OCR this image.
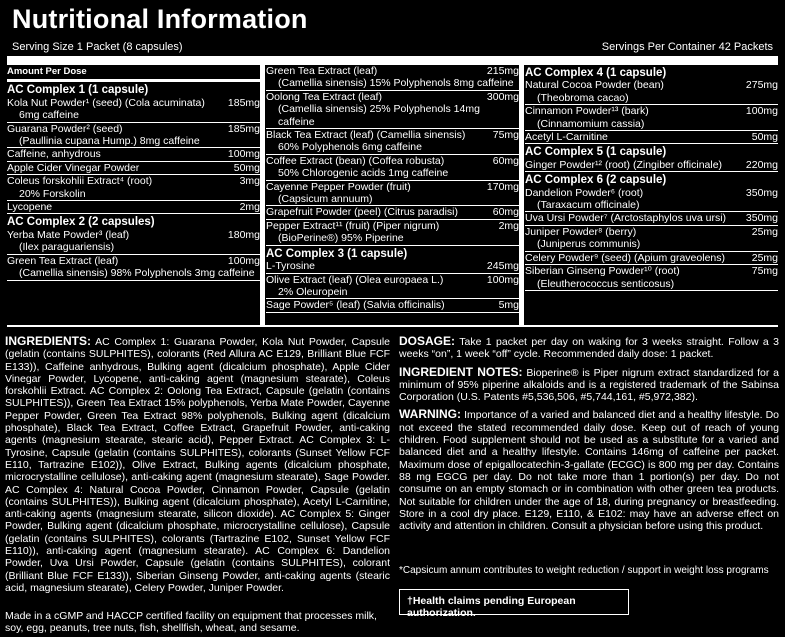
Nutritional Information
Serving Size 1 Packet (8 capsules)	Servings Per Container 42 Packets
Amount Per Dose
AC Complex 1 (1 capsule)
Kola Nut Powder¹ (seed) (Cola acuminata)	185mg
6mg caffeine
Guarana Powder² (seed)	185mg
(Paullinia cupana Hump.) 8mg caffeine
Caffeine, anhydrous	100mg
Apple Cider Vinegar Powder	50mg
Coleus forskohlii Extract⁴ (root)	3mg
20% Forskolin
Lycopene	2mg
AC Complex 2 (2 capsules)
Yerba Mate Powder³ (leaf)	180mg
(Ilex paraguariensis)
Green Tea Extract (leaf)	100mg
(Camellia sinensis) 98% Polyphenols 3mg caffeine
Green Tea Extract (leaf)	215mg
(Camellia sinensis) 15% Polyphenols 8mg caffeine
Oolong Tea Extract (leaf)	300mg
(Camellia sinensis) 25% Polyphenols 14mg caffeine
Black Tea Extract (leaf) (Camellia sinensis)	75mg
60% Polyphenols 6mg caffeine
Coffee Extract (bean) (Coffea robusta)	60mg
50% Chlorogenic acids 1mg caffeine
Cayenne Pepper Powder (fruit)	170mg
(Capsicum annuum)
Grapefruit Powder (peel) (Citrus paradisi)	60mg
Pepper Extract¹¹ (fruit) (Piper nigrum)	2mg
(BioPerine®) 95% Piperine
AC Complex 3 (1 capsule)
L-Tyrosine	245mg
Olive Extract (leaf) (Olea europaea L.)	100mg
2% Oleuropein
Sage Powder⁵ (leaf) (Salvia officinalis)	5mg
AC Complex 4 (1 capsule)
Natural Cocoa Powder (bean)	275mg
(Theobroma cacao)
Cinnamon Powder¹³ (bark)	100mg
(Cinnamomium cassia)
Acetyl L-Carnitine	50mg
AC Complex 5 (1 capsule)
Ginger Powder¹² (root) (Zingiber officinale)	220mg
AC Complex 6 (2 capsule)
Dandelion Powder⁶ (root)	350mg
(Taraxacum officinale)
Uva Ursi Powder⁷ (Arctostaphylos uva ursi)	350mg
Juniper Powder⁸ (berry)	25mg
(Juniperus communis)
Celery Powder⁹ (seed) (Apium graveolens)	25mg
Siberian Ginseng Powder¹⁰ (root)	75mg
(Eleutherococcus senticosus)
INGREDIENTS: AC Complex 1: Guarana Powder, Kola Nut Powder, Capsule (gelatin (contains SULPHITES), colorants (Red Allura AC E129, Brilliant Blue FCF E133)), Caffeine anhydrous, Bulking agent (dicalcium phosphate), Apple Cider Vinegar Powder, Lycopene, anti-caking agent (magnesium stearate), Coleus forskohlii Extract. AC Complex 2: Oolong Tea Extract, Capsule (gelatin (contains SULPHITES)), Green Tea Extract 15% polyphenols, Yerba Mate Powder, Cayenne Pepper Powder, Green Tea Extract 98% polyphenols, Bulking agent (dicalcium phosphate), Black Tea Extract, Coffee Extract, Grapefruit Powder, anti-caking agents (magnesium stearate, stearic acid), Pepper Extract. AC Complex 3: L-Tyrosine, Capsule (gelatin (contains SULPHITES), colorants (Sunset Yellow FCF E110, Tartrazine E102)), Olive Extract, Bulking agents (dicalcium phosphate, microcrystalline cellulose), anti-caking agent (magnesium stearate), Sage Powder. AC Complex 4: Natural Cocoa Powder, Cinnamon Powder, Capsule (gelatin (contains SULPHITES)), Bulking agent (dicalcium phosphate), Acetyl L-Carnitine, anti-caking agents (magnesium stearate, silicon dioxide). AC Complex 5: Ginger Powder, Bulking agent (dicalcium phosphate, microcrystalline cellulose), Capsule (gelatin (contains SULPHITES), colorants (Tartrazine E102, Sunset Yellow FCF E110)), anti-caking agent (magnesium stearate). AC Complex 6: Dandelion Powder, Uva Ursi Powder, Capsule (gelatin (contains SULPHITES), colorant (Brilliant Blue FCF E133)), Siberian Ginseng Powder, anti-caking agents (stearic acid, magnesium stearate), Celery Powder, Juniper Powder.
Made in a cGMP and HACCP certified facility on equipment that processes milk, soy, egg, peanuts, tree nuts, fish, shellfish, wheat, and sesame.
DOSAGE: Take 1 packet per day on waking for 3 weeks straight. Follow a 3 weeks “on”, 1 week “off” cycle. Recommended daily dose: 1 packet.
INGREDIENT NOTES: Bioperine® is Piper nigrum extract standardized for a minimum of 95% piperine alkaloids and is a registered trademark of the Sabinsa Corporation (U.S. Patents #5,536,506, #5,744,161, #5,972,382).
WARNING: Importance of a varied and balanced diet and a healthy lifestyle. Do not exceed the stated recommended daily dose. Keep out of reach of young children. Food supplement should not be used as a substitute for a varied and balanced diet and a healthy lifestyle. Contains 146mg of caffeine per packet. Maximum dose of epigallocatechin-3-gallate (ECGC) is 800 mg per day. Contains 88 mg EGCG per day. Do not take more than 1 portion(s) per day. Do not consume on an empty stomach or in combination with other green tea products. Not suitable for children under the age of 18, during pregnancy or breastfeeding. Store in a cool dry place. E129, E110, & E102: may have an adverse effect on activity and attention in children. Consult a physician before using this product.
*Capsicum annum contributes to weight reduction / support in weight loss programs
†Health claims pending European authorization.
